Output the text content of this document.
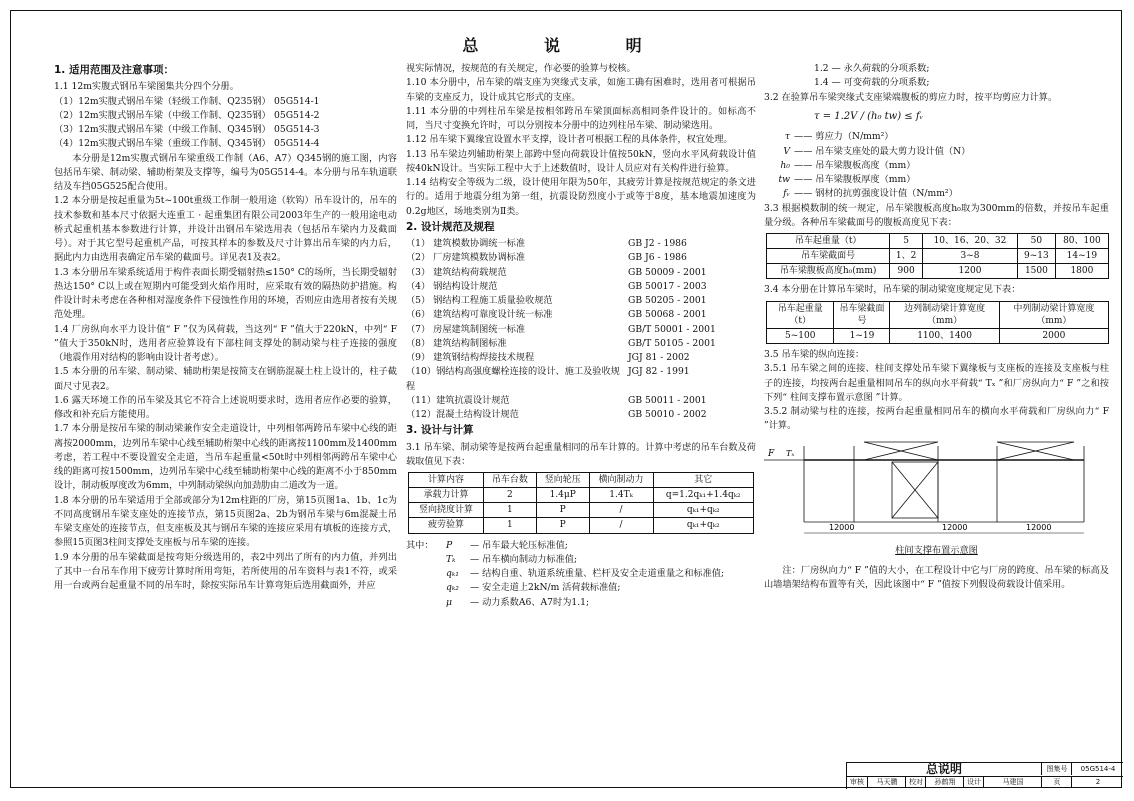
总 说 明
1. 适用范围及注意事项：

1.1 12m实腹式钢吊车梁图集共分四个分册。

（1）12m实腹式钢吊车梁（轻级工作制、Q235钢） 05G514-1
（2）12m实腹式钢吊车梁（中级工作制、Q235钢） 05G514-2
（3）12m实腹式钢吊车梁（中级工作制、Q345钢） 05G514-3
（4）12m实腹式钢吊车梁（重级工作制、Q345钢） 05G514-4

本分册是12m实腹式钢吊车梁重级工作制（A6、A7）Q345钢的施工图，内容包括吊车梁、制动梁、辅助桁架及支撑等，编号为05G514-4。本分册与吊车轨道联结及车挡05G525配合使用。

1.2 本分册是按起重量为5t~100t重级工作制一般用途（软钩）吊车设计的，吊车的技术参数和基本尺寸依据大连重工 · 起重集团有限公司2003年生产的一般用途电动桥式起重机基本参数进行计算，并设计出钢吊车梁选用表（包括吊车梁内力及截面号）。对于其它型号起重机产品，可按其样本的参数及尺寸计算出吊车梁的内力后，据此内力由选用表确定吊车梁的截面号。详见表1及表2。

1.3 本分册吊车梁系统适用于构件表面长期受辐射热≤150° C的场所，当长期受辐射热达150° C以上或在短期内可能受到火焰作用时，应采取有效的隔热防护措施。构件设计时未考虑在各种相对湿度条件下侵蚀性作用的环境，否则应由选用者按有关规范处理。

1.4 厂房纵向水平力设计值“ F ”仅为风荷载，当这列“ F ”值大于220kN，中列“ F ”值大于350kN时，选用者应验算设有下部柱间支撑处的制动梁与柱子连接的强度（地震作用对结构的影响由设计者考虑）。

1.5 本分册的吊车梁、制动梁、辅助桁架是按简支在钢筋混凝土柱上设计的，柱子截面尺寸见表2。

1.6 露天环境工作的吊车梁及其它不符合上述说明要求时，选用者应作必要的验算，修改和补充后方能使用。

1.7 本分册是按吊车梁的制动梁兼作安全走道设计，中列相邻两跨吊车梁中心线的距离按2000mm，边列吊车梁中心线至辅助桁架中心线的距离按1100mm及1400mm考虑，若工程中不要设置安全走道，当吊车起重量<50t时中列相邻两跨吊车梁中心线的距离可按1500mm，边列吊车梁中心线至辅助桁架中心线的距离不小于850mm设计，制动板厚度改为6mm，中列制动梁纵向加劲肋由二道改为一道。

1.8 本分册的吊车梁适用于全部或部分为12m柱距的厂房，第15页图1a、1b、1c为不同高度钢吊车梁支座处的连接节点，第15页图2a、2b为钢吊车梁与6m混凝土吊车梁支座处的连接节点，但支座板及其与钢吊车梁的连接应采用有填板的连接方式，参照15页图3柱间支撑处支座板与吊车梁的连接。

1.9 本分册的吊车梁截面是按弯矩分级选用的，表2中列出了所有的内力值，并列出了其中一台吊车作用下疲劳计算时所用弯矩，若所使用的吊车资料与表1不符，或采用一台或两台起重量不同的吊车时，除按实际吊车计算弯矩后选用截面外，并应

视实际情况，按规范的有关规定，作必要的验算与校核。

1.10 本分册中，吊车梁的端支座为突缘式支承，如施工确有困难时，选用者可根据吊车梁的支座反力，设计成其它形式的支座。

1.11 本分册的中列柱吊车梁是按相邻跨吊车梁顶面标高相同条件设计的。如标高不同，当尺寸变换允许时，可以分别按本分册中的边列柱吊车梁、制动梁选用。

1.12 吊车梁下翼缘宜设置水平支撑，设计者可根据工程的具体条件，权宜处理。

1.13 吊车梁边列辅助桁架上部跨中竖向荷载设计值按50kN，竖向水平风荷载设计值按40kN设计。当实际工程中大于上述数值时，设计人员应对有关构件进行验算。

1.14 结构安全等级为二级，设计使用年限为50年，其疲劳计算是按规范规定的条文进行的。适用于地震分组为第一组，抗震设防烈度小于或等于8度，基本地震加速度为0.2g地区，场地类别为Ⅱ类。

2. 设计规范及规程
（1） 建筑模数协调统一标准	GB J2 - 1986
（2） 厂房建筑模数协调标准	GB J6 - 1986
（3） 建筑结构荷载规范	GB 50009 - 2001
（4） 钢结构设计规范	GB 50017 - 2003
（5） 钢结构工程施工质量验收规范	GB 50205 - 2001
（6） 建筑结构可靠度设计统一标准	GB 50068 - 2001
（7） 房屋建筑制图统一标准	GB/T 50001 - 2001
（8） 建筑结构制图标准	GB/T 50105 - 2001
（9） 建筑钢结构焊接技术规程	JGJ 81 - 2002
（10）钢结构高强度螺栓连接的设计、施工及验收规程
JGJ 82 - 1991
（11）建筑抗震设计规范	GB 50011 - 2001
（12）混凝土结构设计规范	GB 50010 - 2002
3. 设计与计算

3.1 吊车梁、制动梁等是按两台起重量相同的吊车计算的。计算中考虑的吊车台数及荷载取值见下表：

计算内容	吊车台数	竖向轮压	横向制动力	其它
承载力计算	2	1.4μP	1.4Tₖ	q=1.2qₖ₁+1.4qₖ₂
竖向挠度计算	1	P	/	qₖ₁+qₖ₂
疲劳验算	1	P	/	qₖ₁+qₖ₂
其中：	P	— 吊车最大轮压标准值;
Tₖ	— 吊车横向制动力标准值;
qₖ₁	— 结构自重、轨道系统重量、栏杆及安全走道重量之和标准值;
qₖ₂	— 安全走道上2kN/m 活荷载标准值;
μ	— 动力系数A6、A7时为1.1;

1.2 — 永久荷载的分项系数;

1.4 — 可变荷载的分项系数;

3.2 在验算吊车梁突缘式支座梁端腹板的剪应力时，按平均剪应力计算。

τ = 1.2V / (h₀ tw) ≤ fᵥ
τ —— 剪应力（N/mm²）
V —— 吊车梁支座处的最大剪力设计值（N）
h₀ —— 吊车梁腹板高度（mm）
tw —— 吊车梁腹板厚度（mm）
fᵥ —— 钢材的抗剪强度设计值（N/mm²）

3.3 根据模数制的统一规定，吊车梁腹板高度h₀取为300mm的倍数，并按吊车起重量分级。各种吊车梁截面号的腹板高度见下表：

吊车起重量（t）	5	10、16、20、32	50	80、100
吊车梁截面号	1、2	3~8	9~13	14~19
吊车梁腹板高度h₀(mm)	900	1200	1500	1800

3.4 本分册在计算吊车梁时，吊车梁的制动梁宽度规定见下表：

吊车起重量（t）	吊车梁截面号	边列制动梁计算宽度（mm）	中列制动梁计算宽度（mm）
5~100	1~19	1100、1400	2000

3.5 吊车梁的纵向连接：

3.5.1 吊车梁之间的连接、柱间支撑处吊车梁下翼缘板与支座板的连接及支座板与柱子的连接，均按两台起重量相同吊车的纵向水平荷载“ Tₓ ”和厂房纵向力“ F ”之和按下列“ 柱间支撑布置示意图 ”计算。

3.5.2 制动梁与柱的连接，按两台起重量相同吊车的横向水平荷载和厂房纵向力“ F ”计算。

F Tₓ
12000	12000	12000
柱间支撑布置示意图

注：厂房纵向力“ F ”值的大小，在工程设计中它与厂房的跨度、吊车梁的标高及山墙墙架结构布置等有关，因此该图中“ F ”值按下列假设荷载设计值采用。

总说明	图集号	05G514-4
审核	马天鹏	校对	孙鹤翔	设计	马建国	页	2
